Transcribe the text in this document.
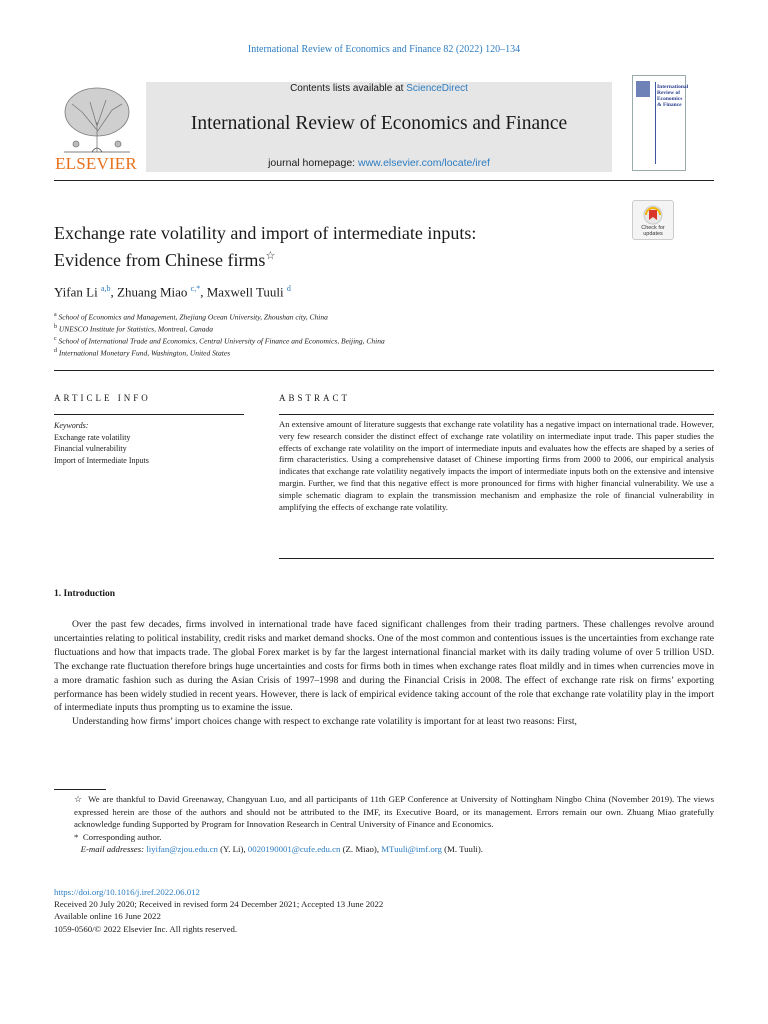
International Review of Economics and Finance 82 (2022) 120–134
ELSEVIER
Contents lists available at ScienceDirect
International Review of Economics and Finance
journal homepage: www.elsevier.com/locate/iref
International Review of Economics & Finance
Exchange rate volatility and import of intermediate inputs:
Evidence from Chinese firms☆
Check for updates
Yifan Li $^{a,b}$, Zhuang Miao $^{c,*}$, Maxwell Tuuli $^d$
$^a$ School of Economics and Management, Zhejiang Ocean University, Zhoushan city, China
$^b$ UNESCO Institute for Statistics, Montreal, Canada
$^c$ School of International Trade and Economics, Central University of Finance and Economics, Beijing, China
$^d$ International Monetary Fund, Washington, United States
ARTICLE INFO	ABSTRACT
Keywords:
Exchange rate volatility
Financial vulnerability
Import of Intermediate Inputs
An extensive amount of literature suggests that exchange rate volatility has a negative impact on international trade. However, very few research consider the distinct effect of exchange rate volatility on intermediate input trade. This paper studies the effects of exchange rate volatility on the import of intermediate inputs and evaluates how the effects are shaped by a series of firm characteristics. Using a comprehensive dataset of Chinese importing firms from 2000 to 2006, our empirical analysis indicates that exchange rate volatility negatively impacts the import of intermediate inputs both on the extensive and intensive margin. Further, we find that this negative effect is more pronounced for firms with higher financial vulnerability. We use a simple schematic diagram to explain the transmission mechanism and emphasize the role of financial vulnerability in amplifying the effects of exchange rate volatility.
1. Introduction

Over the past few decades, firms involved in international trade have faced significant challenges from their trading partners. These challenges revolve around uncertainties relating to political instability, credit risks and market demand shocks. One of the most common and contentious issues is the uncertainties from exchange rate fluctuations and how that impacts trade. The global Forex market is by far the largest international financial market with its daily trading volume of over 5 trillion USD. The exchange rate fluctuation therefore brings huge uncertainties and costs for firms both in times when exchange rates float mildly and in times when currencies move in a more dramatic fashion such as during the Asian Crisis of 1997–1998 and during the Financial Crisis in 2008. The effect of exchange rate risk on firms’ exporting performance has been widely studied in recent years. However, there is lack of empirical evidence taking account of the role that exchange rate volatility play in the import of intermediate inputs thus prompting us to examine the issue.

Understanding how firms’ import choices change with respect to exchange rate volatility is important for at least two reasons: First,

☆ We are thankful to David Greenaway, Changyuan Luo, and all participants of 11th GEP Conference at University of Nottingham Ningbo China (November 2019). The views expressed herein are those of the authors and should not be attributed to the IMF, its Executive Board, or its management. Errors remain our own. Zhuang Miao gratefully acknowledge funding Supported by Program for Innovation Research in Central University of Finance and Economics.

* Corresponding author.

E-mail addresses: liyifan@zjou.edu.cn (Y. Li), 0020190001@cufe.edu.cn (Z. Miao), MTuuli@imf.org (M. Tuuli).

https://doi.org/10.1016/j.iref.2022.06.012
Received 20 July 2020; Received in revised form 24 December 2021; Accepted 13 June 2022
Available online 16 June 2022
1059-0560/© 2022 Elsevier Inc. All rights reserved.
